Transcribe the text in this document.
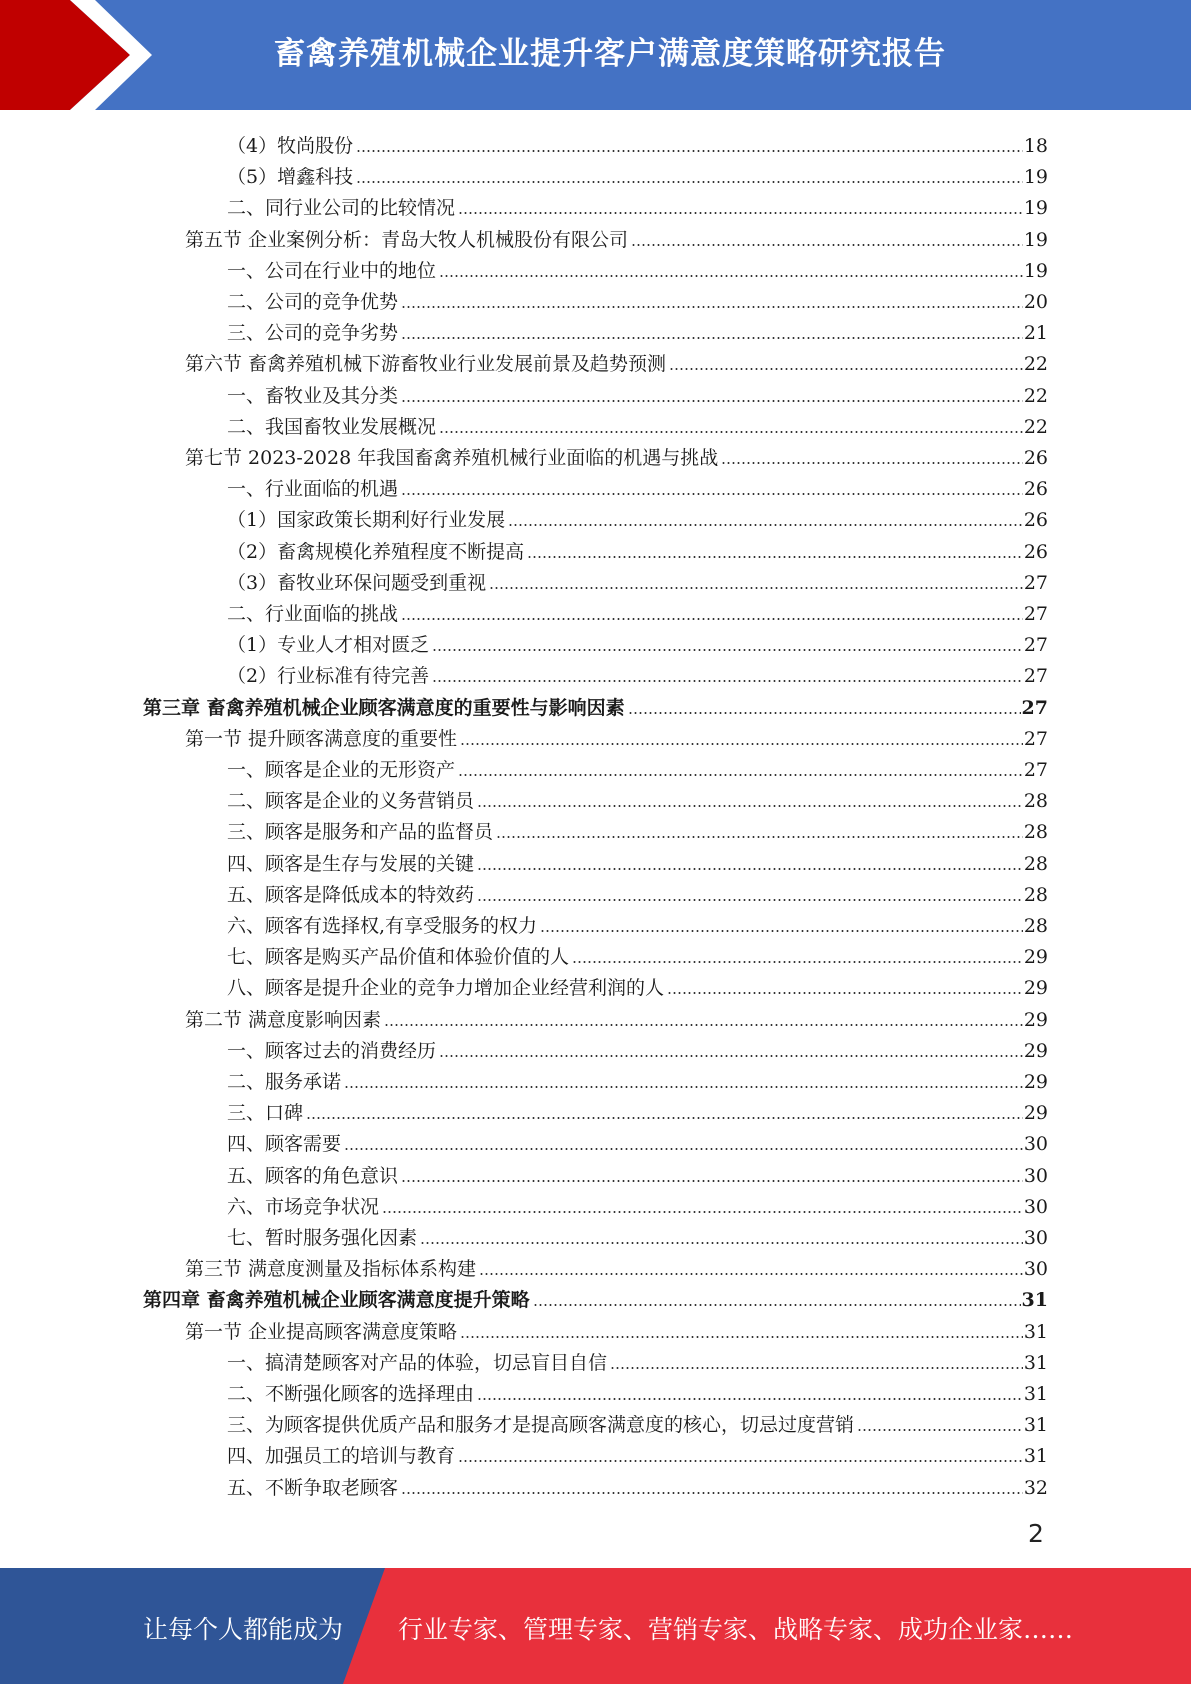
畜禽养殖机械企业提升客户满意度策略研究报告
（4）牧尚股份	18
（5）增鑫科技	19
二、同行业公司的比较情况	19
第五节 企业案例分析：青岛大牧人机械股份有限公司	19
一、公司在行业中的地位	19
二、公司的竞争优势	20
三、公司的竞争劣势	21
第六节 畜禽养殖机械下游畜牧业行业发展前景及趋势预测	22
一、畜牧业及其分类	22
二、我国畜牧业发展概况	22
第七节 2023-2028 年我国畜禽养殖机械行业面临的机遇与挑战	26
一、行业面临的机遇	26
（1）国家政策长期利好行业发展	26
（2）畜禽规模化养殖程度不断提高	26
（3）畜牧业环保问题受到重视	27
二、行业面临的挑战	27
（1）专业人才相对匮乏	27
（2）行业标准有待完善	27
第三章 畜禽养殖机械企业顾客满意度的重要性与影响因素	27
第一节 提升顾客满意度的重要性	27
一、顾客是企业的无形资产	27
二、顾客是企业的义务营销员	28
三、顾客是服务和产品的监督员	28
四、顾客是生存与发展的关键	28
五、顾客是降低成本的特效药	28
六、顾客有选择权,有享受服务的权力	28
七、顾客是购买产品价值和体验价值的人	29
八、顾客是提升企业的竞争力增加企业经营利润的人	29
第二节 满意度影响因素	29
一、顾客过去的消费经历	29
二、服务承诺	29
三、口碑	29
四、顾客需要	30
五、顾客的角色意识	30
六、市场竞争状况	30
七、暂时服务强化因素	30
第三节 满意度测量及指标体系构建	30
第四章 畜禽养殖机械企业顾客满意度提升策略	31
第一节 企业提高顾客满意度策略	31
一、搞清楚顾客对产品的体验，切忌盲目自信	31
二、不断强化顾客的选择理由	31
三、为顾客提供优质产品和服务才是提高顾客满意度的核心，切忌过度营销	31
四、加强员工的培训与教育	31
五、不断争取老顾客	32
2
让每个人都能成为 行业专家、管理专家、营销专家、战略专家、成功企业家……
